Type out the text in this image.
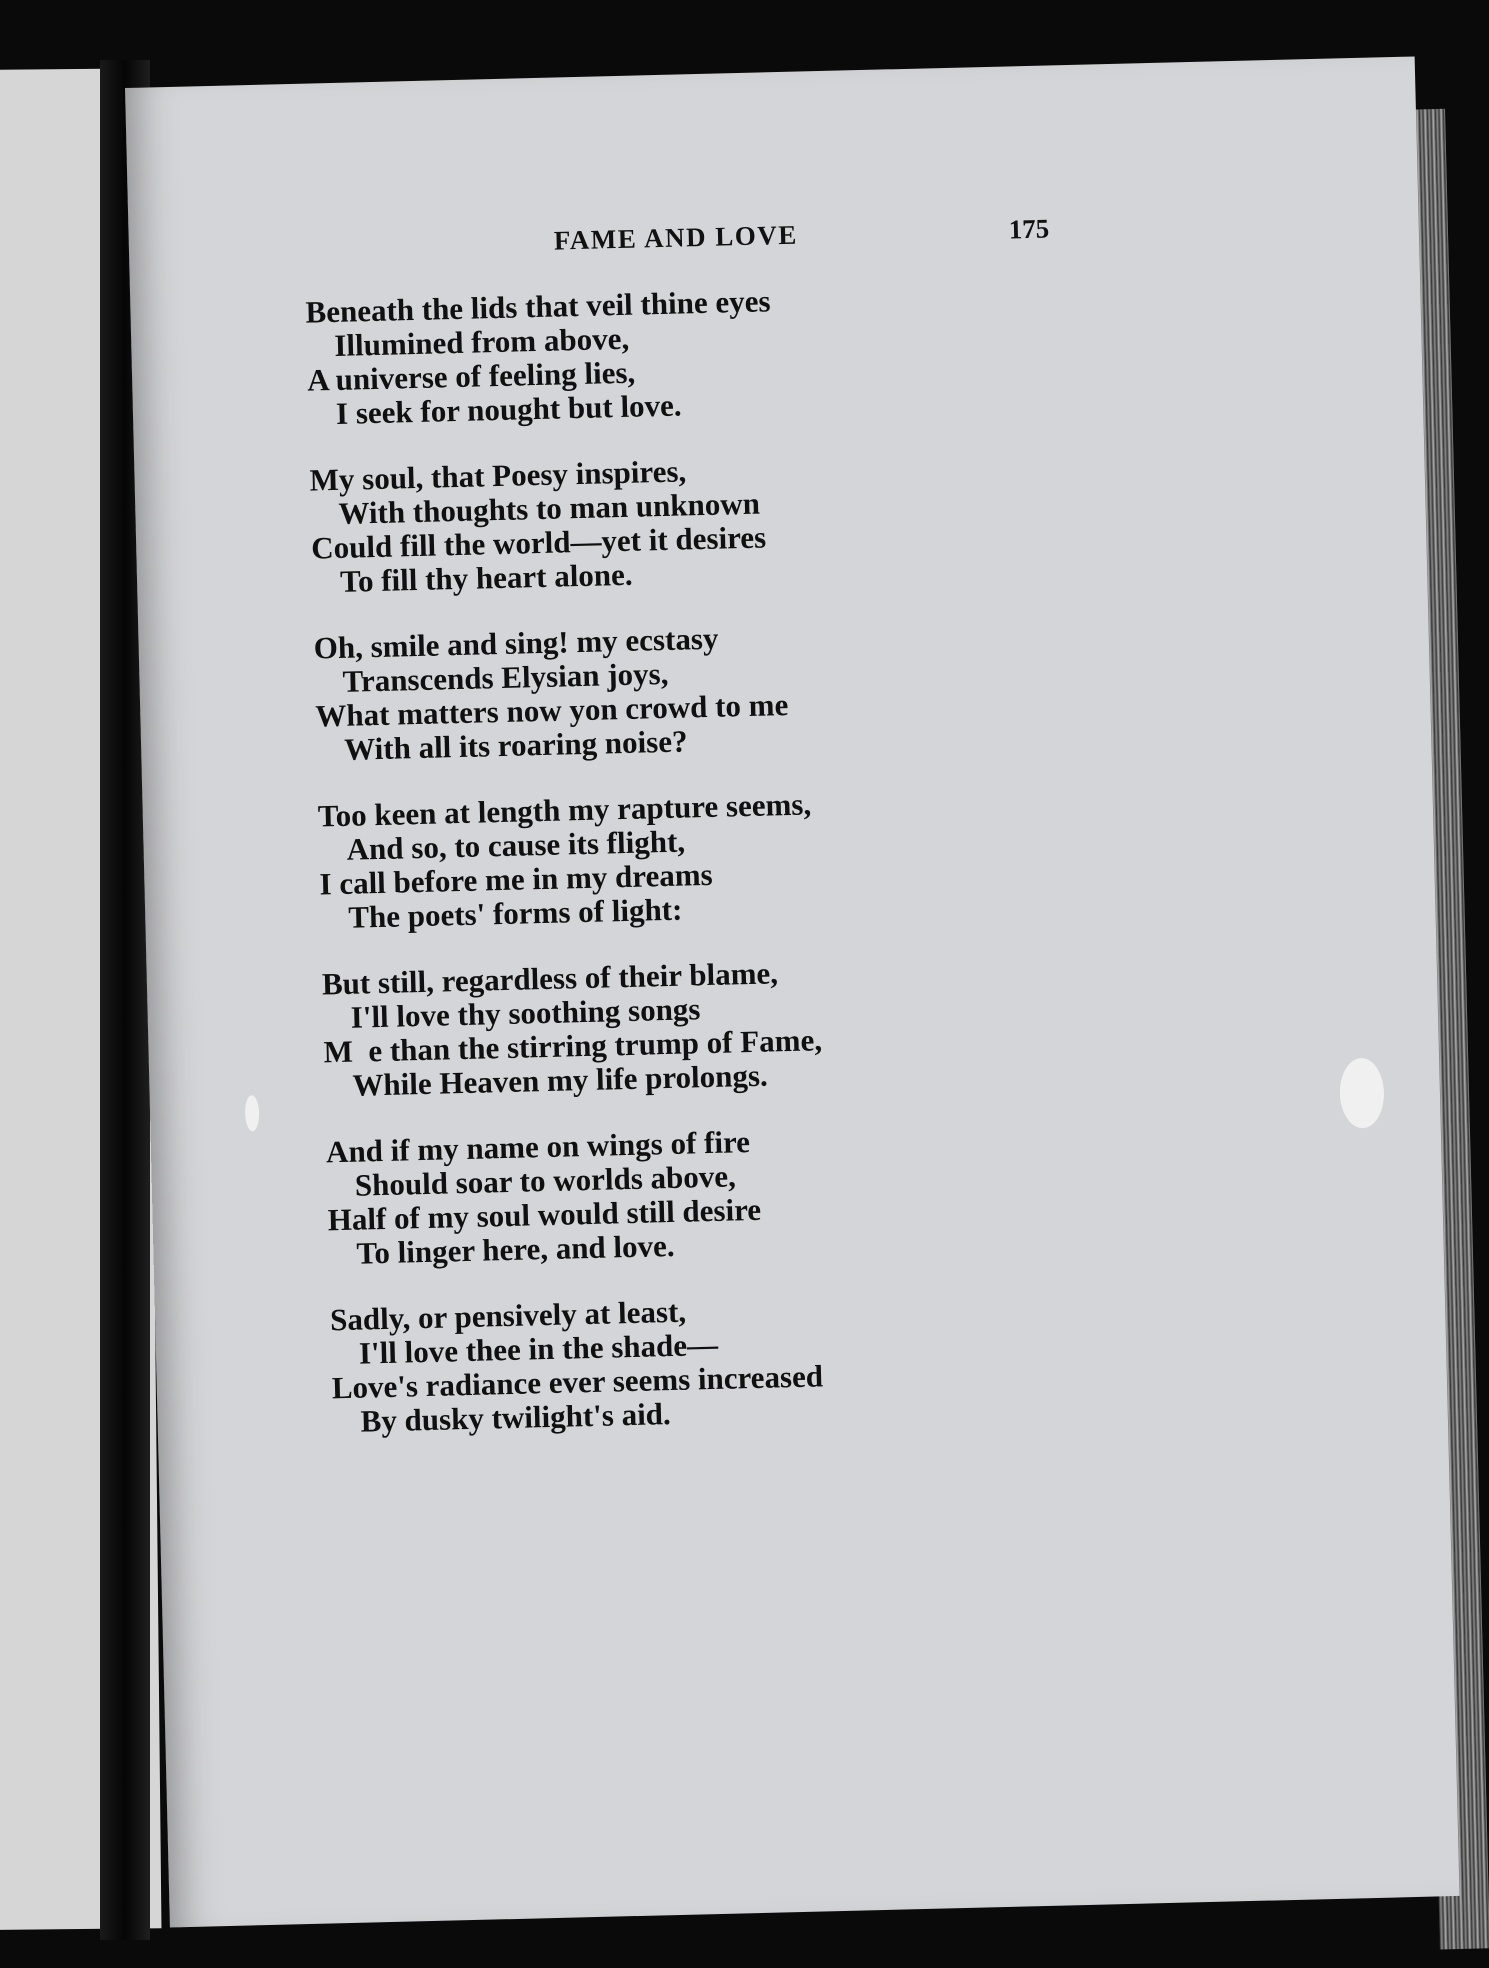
FAME AND LOVE	175
Beneath the lids that veil thine eyes
Illumined from above,
A universe of feeling lies,
I seek for nought but love.
My soul, that Poesy inspires,
With thoughts to man unknown
Could fill the world—yet it desires
To fill thy heart alone.
Oh, smile and sing! my ecstasy
Transcends Elysian joys,
What matters now yon crowd to me
With all its roaring noise?
Too keen at length my rapture seems,
And so, to cause its flight,
I call before me in my dreams
The poets' forms of light:
But still, regardless of their blame,
I'll love thy soothing songs
M  e than the stirring trump of Fame,
While Heaven my life prolongs.
And if my name on wings of fire
Should soar to worlds above,
Half of my soul would still desire
To linger here, and love.
Sadly, or pensively at least,
I'll love thee in the shade—
Love's radiance ever seems increased
By dusky twilight's aid.
